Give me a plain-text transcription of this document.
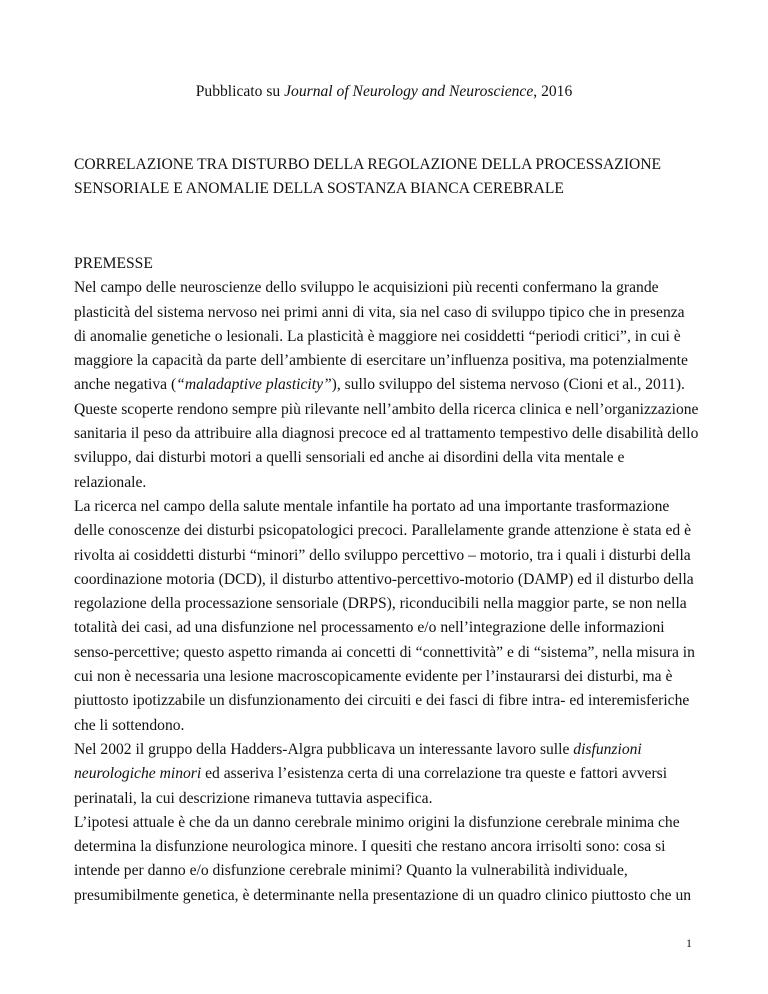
Pubblicato su Journal of Neurology and Neuroscience, 2016
CORRELAZIONE TRA DISTURBO DELLA REGOLAZIONE DELLA PROCESSAZIONE
SENSORIALE E ANOMALIE DELLA SOSTANZA BIANCA CEREBRALE
PREMESSE
Nel campo delle neuroscienze dello sviluppo le acquisizioni più recenti confermano la grande
plasticità del sistema nervoso nei primi anni di vita, sia nel caso di sviluppo tipico che in presenza
di anomalie genetiche o lesionali. La plasticità è maggiore nei cosiddetti “periodi critici”, in cui è
maggiore la capacità da parte dell’ambiente di esercitare un’influenza positiva, ma potenzialmente
anche negativa (“maladaptive plasticity”), sullo sviluppo del sistema nervoso (Cioni et al., 2011).
Queste scoperte rendono sempre più rilevante nell’ambito della ricerca clinica e nell’organizzazione
sanitaria il peso da attribuire alla diagnosi precoce ed al trattamento tempestivo delle disabilità dello
sviluppo, dai disturbi motori a quelli sensoriali ed anche ai disordini della vita mentale e
relazionale.
La ricerca nel campo della salute mentale infantile ha portato ad una importante trasformazione
delle conoscenze dei disturbi psicopatologici precoci. Parallelamente grande attenzione è stata ed è
rivolta ai cosiddetti disturbi “minori” dello sviluppo percettivo – motorio, tra i quali i disturbi della
coordinazione motoria (DCD), il disturbo attentivo-percettivo-motorio (DAMP) ed il disturbo della
regolazione della processazione sensoriale (DRPS), riconducibili nella maggior parte, se non nella
totalità dei casi, ad una disfunzione nel processamento e/o nell’integrazione delle informazioni
senso-percettive; questo aspetto rimanda ai concetti di “connettività” e di “sistema”, nella misura in
cui non è necessaria una lesione macroscopicamente evidente per l’instaurarsi dei disturbi, ma è
piuttosto ipotizzabile un disfunzionamento dei circuiti e dei fasci di fibre intra- ed interemisferiche
che li sottendono.
Nel 2002 il gruppo della Hadders-Algra pubblicava un interessante lavoro sulle disfunzioni
neurologiche minori ed asseriva l’esistenza certa di una correlazione tra queste e fattori avversi
perinatali, la cui descrizione rimaneva tuttavia aspecifica.
L’ipotesi attuale è che da un danno cerebrale minimo origini la disfunzione cerebrale minima che
determina la disfunzione neurologica minore. I quesiti che restano ancora irrisolti sono: cosa si
intende per danno e/o disfunzione cerebrale minimi? Quanto la vulnerabilità individuale,
presumibilmente genetica, è determinante nella presentazione di un quadro clinico piuttosto che un
1
